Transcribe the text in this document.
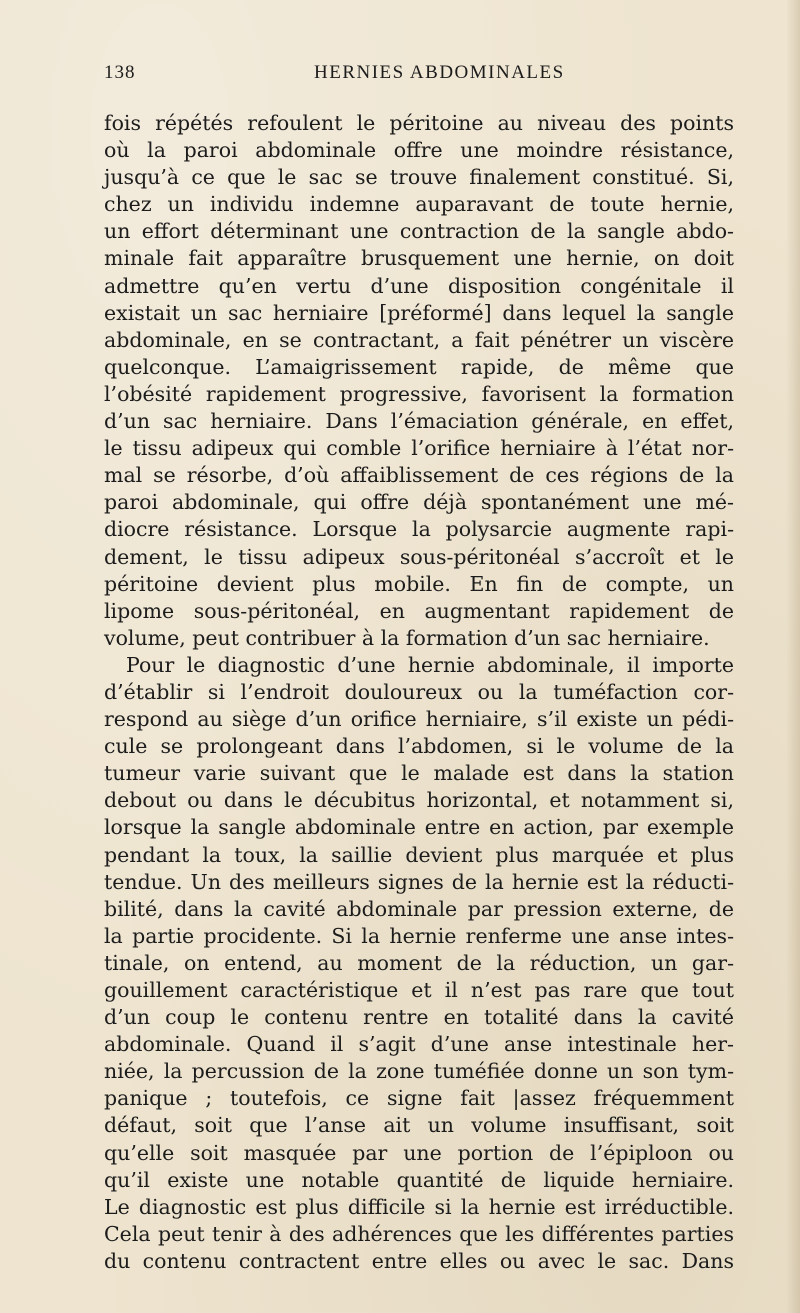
138	HERNIES ABDOMINALES
fois répétés refoulent le péritoine au niveau des points
où la paroi abdominale offre une moindre résistance,
jusqu’à ce que le sac se trouve finalement constitué. Si,
chez un individu indemne auparavant de toute hernie,
un effort déterminant une contraction de la sangle abdo-
minale fait apparaître brusquement une hernie, on doit
admettre qu’en vertu d’une disposition congénitale il
existait un sac herniaire [préformé] dans lequel la sangle
abdominale, en se contractant, a fait pénétrer un viscère
quelconque. L’amaigrissement rapide, de même que
l’obésité rapidement progressive, favorisent la formation
d’un sac herniaire. Dans l’émaciation générale, en effet,
le tissu adipeux qui comble l’orifice herniaire à l’état nor-
mal se résorbe, d’où affaiblissement de ces régions de la
paroi abdominale, qui offre déjà spontanément une mé-
diocre résistance. Lorsque la polysarcie augmente rapi-
dement, le tissu adipeux sous-péritonéal s’accroît et le
péritoine devient plus mobile. En fin de compte, un
lipome sous-péritonéal, en augmentant rapidement de
volume, peut contribuer à la formation d’un sac herniaire.
Pour le diagnostic d’une hernie abdominale, il importe
d’établir si l’endroit douloureux ou la tuméfaction cor-
respond au siège d’un orifice herniaire, s’il existe un pédi-
cule se prolongeant dans l’abdomen, si le volume de la
tumeur varie suivant que le malade est dans la station
debout ou dans le décubitus horizontal, et notamment si,
lorsque la sangle abdominale entre en action, par exemple
pendant la toux, la saillie devient plus marquée et plus
tendue. Un des meilleurs signes de la hernie est la réducti-
bilité, dans la cavité abdominale par pression externe, de
la partie procidente. Si la hernie renferme une anse intes-
tinale, on entend, au moment de la réduction, un gar-
gouillement caractéristique et il n’est pas rare que tout
d’un coup le contenu rentre en totalité dans la cavité
abdominale. Quand il s’agit d’une anse intestinale her-
niée, la percussion de la zone tuméfiée donne un son tym-
panique ; toutefois, ce signe fait |assez fréquemment
défaut, soit que l’anse ait un volume insuffisant, soit
qu’elle soit masquée par une portion de l’épiploon ou
qu’il existe une notable quantité de liquide herniaire.
Le diagnostic est plus difficile si la hernie est irréductible.
Cela peut tenir à des adhérences que les différentes parties
du contenu contractent entre elles ou avec le sac. Dans
